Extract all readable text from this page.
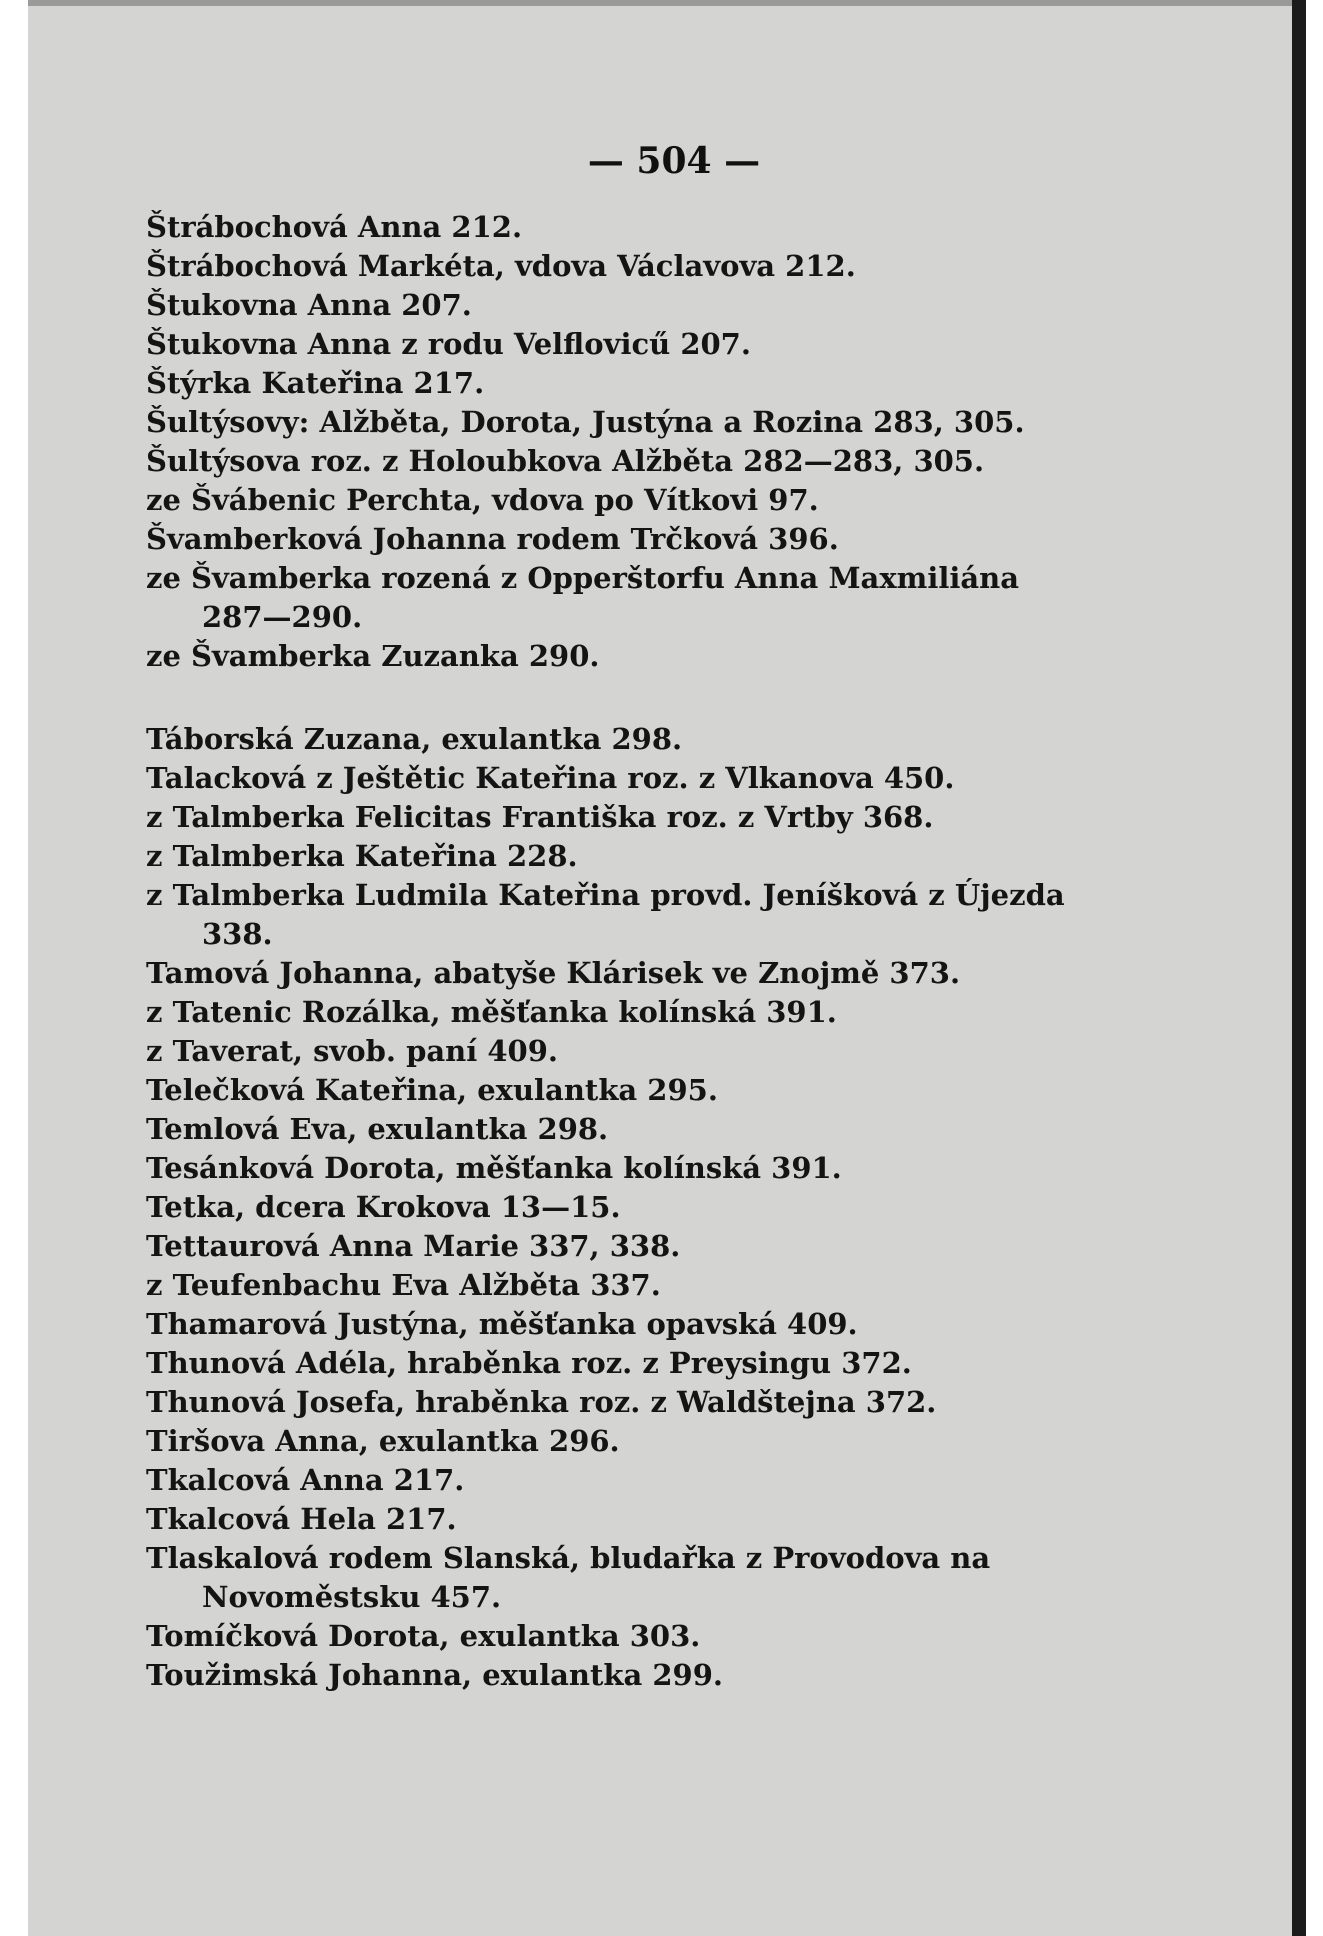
— 504 —
Štrábochová Anna 212.
Štrábochová Markéta, vdova Václavova 212.
Štukovna Anna 207.
Štukovna Anna z rodu Velflovicű 207.
Štýrka Kateřina 217.
Šultýsovy: Alžběta, Dorota, Justýna a Rozina 283, 305.
Šultýsova roz. z Holoubkova Alžběta 282—283, 305.
ze Švábenic Perchta, vdova po Vítkovi 97.
Švamberková Johanna rodem Trčková 396.
ze Švamberka rozená z Opperštorfu Anna Maxmiliána
287—290.
ze Švamberka Zuzanka 290.
Táborská Zuzana, exulantka 298.
Talacková z Ještětic Kateřina roz. z Vlkanova 450.
z Talmberka Felicitas Františka roz. z Vrtby 368.
z Talmberka Kateřina 228.
z Talmberka Ludmila Kateřina provd. Jeníšková z Újezda
338.
Tamová Johanna, abatyše Klárisek ve Znojmě 373.
z Tatenic Rozálka, měšťanka kolínská 391.
z Taverat, svob. paní 409.
Telečková Kateřina, exulantka 295.
Temlová Eva, exulantka 298.
Tesánková Dorota, měšťanka kolínská 391.
Tetka, dcera Krokova 13—15.
Tettaurová Anna Marie 337, 338.
z Teufenbachu Eva Alžběta 337.
Thamarová Justýna, měšťanka opavská 409.
Thunová Adéla, hraběnka roz. z Preysingu 372.
Thunová Josefa, hraběnka roz. z Waldštejna 372.
Tiršova Anna, exulantka 296.
Tkalcová Anna 217.
Tkalcová Hela 217.
Tlaskalová rodem Slanská, bludařka z Provodova na
Novoměstsku 457.
Tomíčková Dorota, exulantka 303.
Toužimská Johanna, exulantka 299.
